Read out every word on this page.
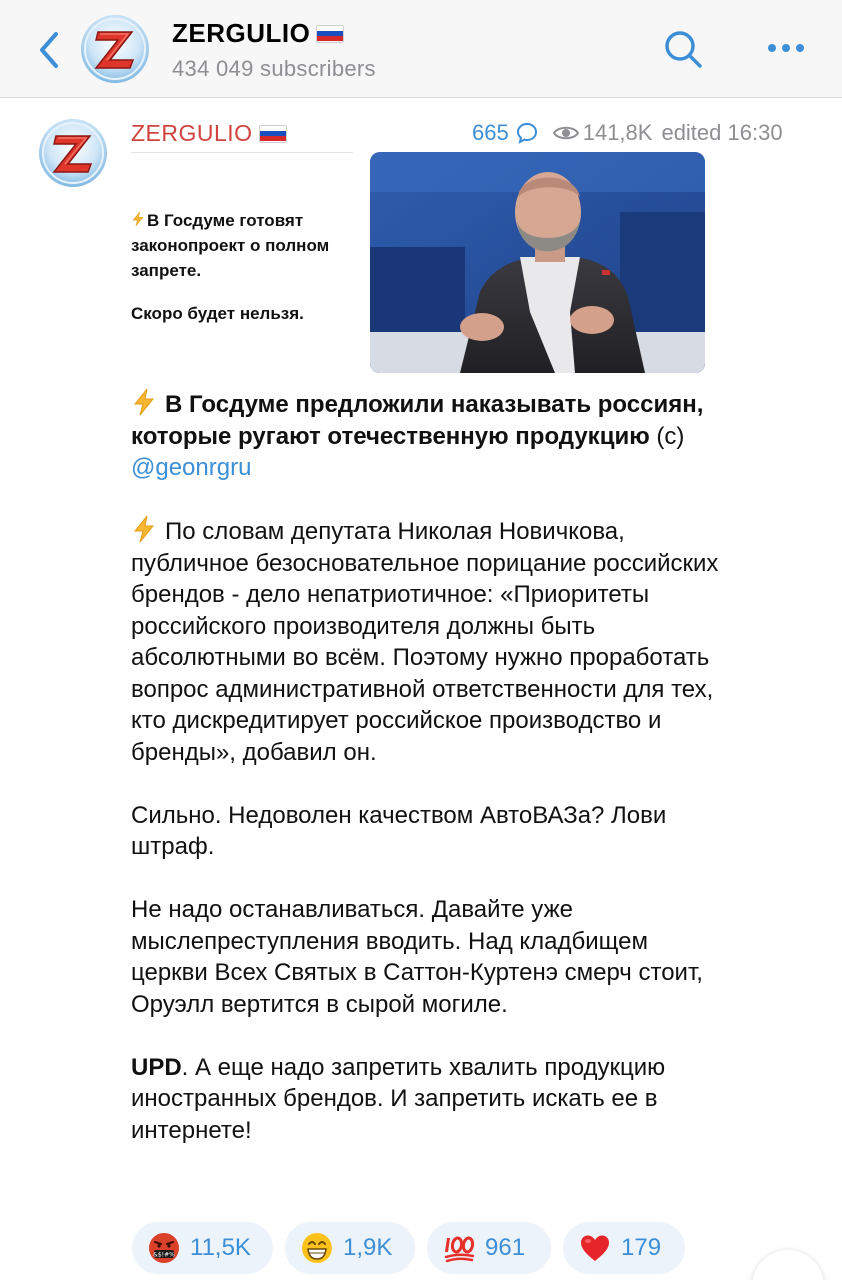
ZERGULIO
434 049 subscribers
ZERGULIO	665	141,8K edited 16:30

В Госдуме готовят законопроект о полном запрете.

Скоро будет нельзя.

В Госдуме предложили наказывать россиян, которые ругают отечественную продукцию (с) @geonrgru
По словам депутата Николая Новичкова, публичное безосновательное порицание российских брендов - дело непатриотичное: «Приоритеты российского производителя должны быть абсолютными во всём. Поэтому нужно проработать вопрос административной ответственности для тех, кто дискредитирует российское производство и бренды», добавил он.
Сильно. Недоволен качеством АвтоВАЗа? Лови штраф.
Не надо останавливаться. Давайте уже мыслепреступления вводить. Над кладбищем церкви Всех Святых в Саттон-Куртенэ смерч стоит, Оруэлл вертится в сырой могиле.
UPD. А еще надо запретить хвалить продукцию иностранных брендов. И запретить искать ее в интернете!
&$!#% 11,5K	1,9K	961	179
